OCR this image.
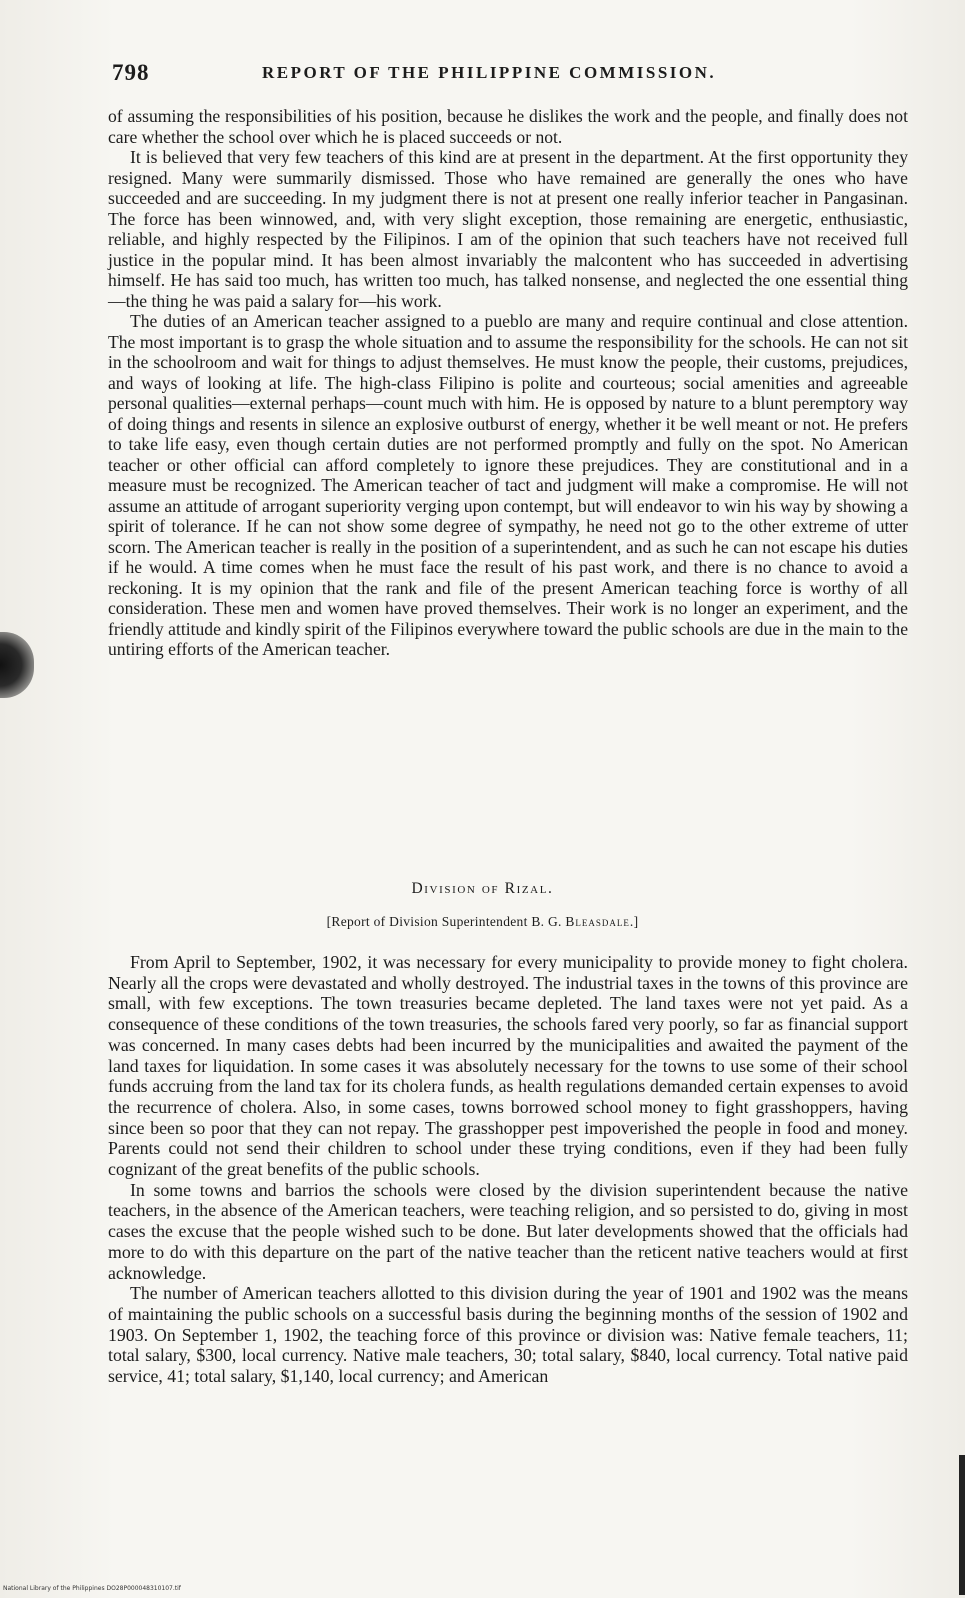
798	REPORT OF THE PHILIPPINE COMMISSION.

of assuming the responsibilities of his position, because he dislikes the work and the people, and finally does not care whether the school over which he is placed succeeds or not.

It is believed that very few teachers of this kind are at present in the department. At the first opportunity they resigned. Many were summarily dismissed. Those who have remained are generally the ones who have succeeded and are succeeding. In my judgment there is not at present one really inferior teacher in Pangasinan. The force has been winnowed, and, with very slight exception, those remaining are energetic, enthusiastic, reliable, and highly respected by the Filipinos. I am of the opinion that such teachers have not received full justice in the popular mind. It has been almost invariably the malcontent who has succeeded in advertising himself. He has said too much, has written too much, has talked nonsense, and neglected the one essential thing—the thing he was paid a salary for—his work.

The duties of an American teacher assigned to a pueblo are many and require continual and close attention. The most important is to grasp the whole situation and to assume the responsibility for the schools. He can not sit in the schoolroom and wait for things to adjust themselves. He must know the people, their customs, prejudices, and ways of looking at life. The high-class Filipino is polite and courteous; social amenities and agreeable personal qualities—external perhaps—count much with him. He is opposed by nature to a blunt peremptory way of doing things and resents in silence an explosive outburst of energy, whether it be well meant or not. He prefers to take life easy, even though certain duties are not performed promptly and fully on the spot. No American teacher or other official can afford completely to ignore these prejudices. They are constitutional and in a measure must be recognized. The American teacher of tact and judgment will make a compromise. He will not assume an attitude of arrogant superiority verging upon contempt, but will endeavor to win his way by showing a spirit of tolerance. If he can not show some degree of sympathy, he need not go to the other extreme of utter scorn. The American teacher is really in the position of a superintendent, and as such he can not escape his duties if he would. A time comes when he must face the result of his past work, and there is no chance to avoid a reckoning. It is my opinion that the rank and file of the present American teaching force is worthy of all consideration. These men and women have proved themselves. Their work is no longer an experiment, and the friendly attitude and kindly spirit of the Filipinos everywhere toward the public schools are due in the main to the untiring efforts of the American teacher.

Division of Rizal.
[Report of Division Superintendent B. G. Bleasdale.]

From April to September, 1902, it was necessary for every municipality to provide money to fight cholera. Nearly all the crops were devastated and wholly destroyed. The industrial taxes in the towns of this province are small, with few exceptions. The town treasuries became depleted. The land taxes were not yet paid. As a consequence of these conditions of the town treasuries, the schools fared very poorly, so far as financial support was concerned. In many cases debts had been incurred by the municipalities and awaited the payment of the land taxes for liquidation. In some cases it was absolutely necessary for the towns to use some of their school funds accruing from the land tax for its cholera funds, as health regulations demanded certain expenses to avoid the recurrence of cholera. Also, in some cases, towns borrowed school money to fight grasshoppers, having since been so poor that they can not repay. The grasshopper pest impoverished the people in food and money. Parents could not send their children to school under these trying conditions, even if they had been fully cognizant of the great benefits of the public schools.

In some towns and barrios the schools were closed by the division superintendent because the native teachers, in the absence of the American teachers, were teaching religion, and so persisted to do, giving in most cases the excuse that the people wished such to be done. But later developments showed that the officials had more to do with this departure on the part of the native teacher than the reticent native teachers would at first acknowledge.

The number of American teachers allotted to this division during the year of 1901 and 1902 was the means of maintaining the public schools on a successful basis during the beginning months of the session of 1902 and 1903. On September 1, 1902, the teaching force of this province or division was: Native female teachers, 11; total salary, $300, local currency. Native male teachers, 30; total salary, $840, local currency. Total native paid service, 41; total salary, $1,140, local currency; and American

National Library of the Philippines DO28P000048310107.tif
